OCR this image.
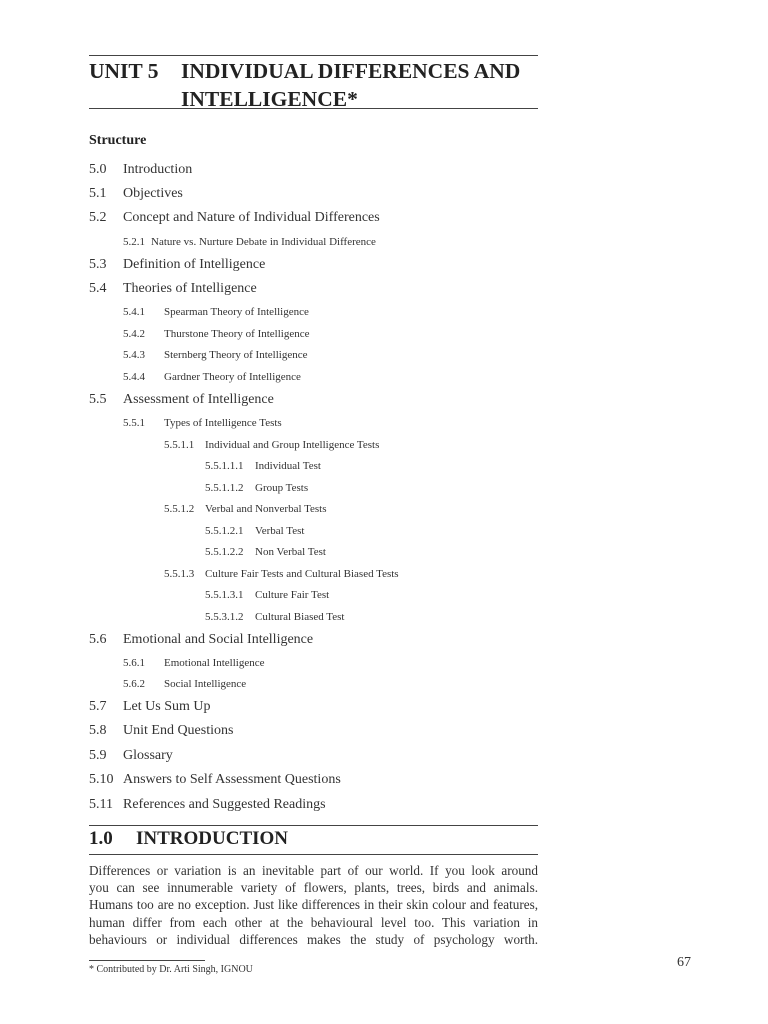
UNIT 5 INDIVIDUAL DIFFERENCES AND
INTELLIGENCE*
Structure
5.0 Introduction
5.1 Objectives
5.2 Concept and Nature of Individual Differences
5.2.1 Nature vs. Nurture Debate in Individual Difference
5.3 Definition of Intelligence
5.4 Theories of Intelligence
5.4.1 Spearman Theory of Intelligence
5.4.2 Thurstone Theory of Intelligence
5.4.3 Sternberg Theory of Intelligence
5.4.4 Gardner Theory of Intelligence
5.5 Assessment of Intelligence
5.5.1 Types of Intelligence Tests
5.5.1.1 Individual and Group Intelligence Tests
5.5.1.1.1 Individual Test
5.5.1.1.2 Group Tests
5.5.1.2 Verbal and Nonverbal Tests
5.5.1.2.1 Verbal Test
5.5.1.2.2 Non Verbal Test
5.5.1.3 Culture Fair Tests and Cultural Biased Tests
5.5.1.3.1 Culture Fair Test
5.5.3.1.2 Cultural Biased Test
5.6 Emotional and Social Intelligence
5.6.1 Emotional Intelligence
5.6.2 Social Intelligence
5.7 Let Us Sum Up
5.8 Unit End Questions
5.9 Glossary
5.10 Answers to Self Assessment Questions
5.11 References and Suggested Readings
1.0 INTRODUCTION
Differences or variation is an inevitable part of our world. If you look around
you can see innumerable variety of flowers, plants, trees, birds and animals.
Humans too are no exception. Just like differences in their skin colour and features,
human differ from each other at the behavioural level too. This variation in
behaviours or individual differences makes the study of psychology worth.
* Contributed by Dr. Arti Singh, IGNOU	67
